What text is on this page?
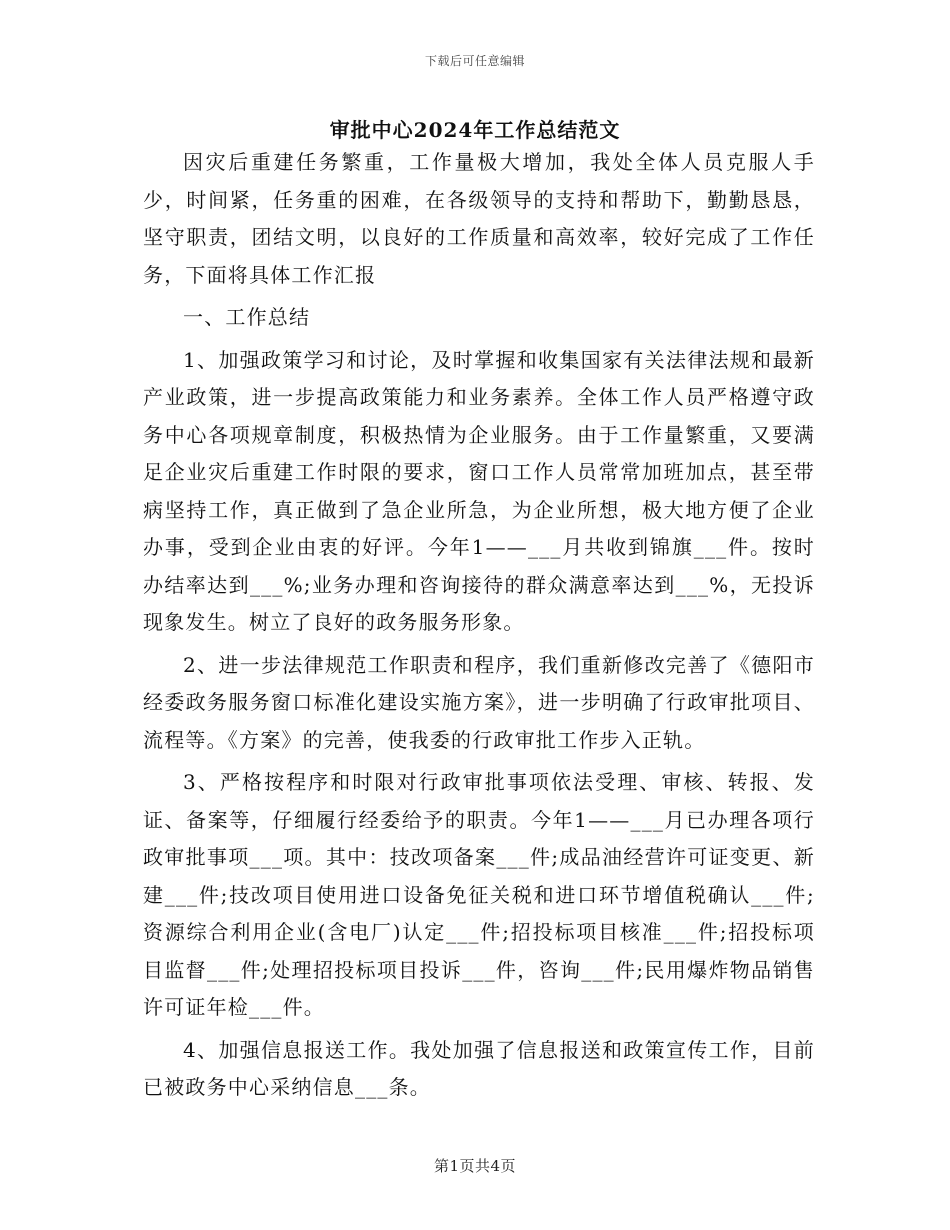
下载后可任意编辑
审批中心2024年工作总结范文

因灾后重建任务繁重，工作量极大增加，我处全体人员克服人手少，时间紧，任务重的困难，在各级领导的支持和帮助下，勤勤恳恳，坚守职责，团结文明，以良好的工作质量和高效率，较好完成了工作任务，下面将具体工作汇报

一、工作总结

1、加强政策学习和讨论，及时掌握和收集国家有关法律法规和最新产业政策，进一步提高政策能力和业务素养。全体工作人员严格遵守政务中心各项规章制度，积极热情为企业服务。由于工作量繁重，又要满足企业灾后重建工作时限的要求，窗口工作人员常常加班加点，甚至带病坚持工作，真正做到了急企业所急，为企业所想，极大地方便了企业办事，受到企业由衷的好评。今年1——___月共收到锦旗___件。按时办结率达到___%;业务办理和咨询接待的群众满意率达到___%，无投诉现象发生。树立了良好的政务服务形象。

2、进一步法律规范工作职责和程序，我们重新修改完善了《德阳市经委政务服务窗口标准化建设实施方案》，进一步明确了行政审批项目、流程等。《方案》的完善，使我委的行政审批工作步入正轨。

3、严格按程序和时限对行政审批事项依法受理、审核、转报、发证、备案等，仔细履行经委给予的职责。今年1——___月已办理各项行政审批事项___项。其中：技改项备案___件;成品油经营许可证变更、新建___件;技改项目使用进口设备免征关税和进口环节增值税确认___件;资源综合利用企业(含电厂)认定___件;招投标项目核准___件;招投标项目监督___件;处理招投标项目投诉___件，咨询___件;民用爆炸物品销售许可证年检___件。

4、加强信息报送工作。我处加强了信息报送和政策宣传工作，目前已被政务中心采纳信息___条。

第1页共4页
